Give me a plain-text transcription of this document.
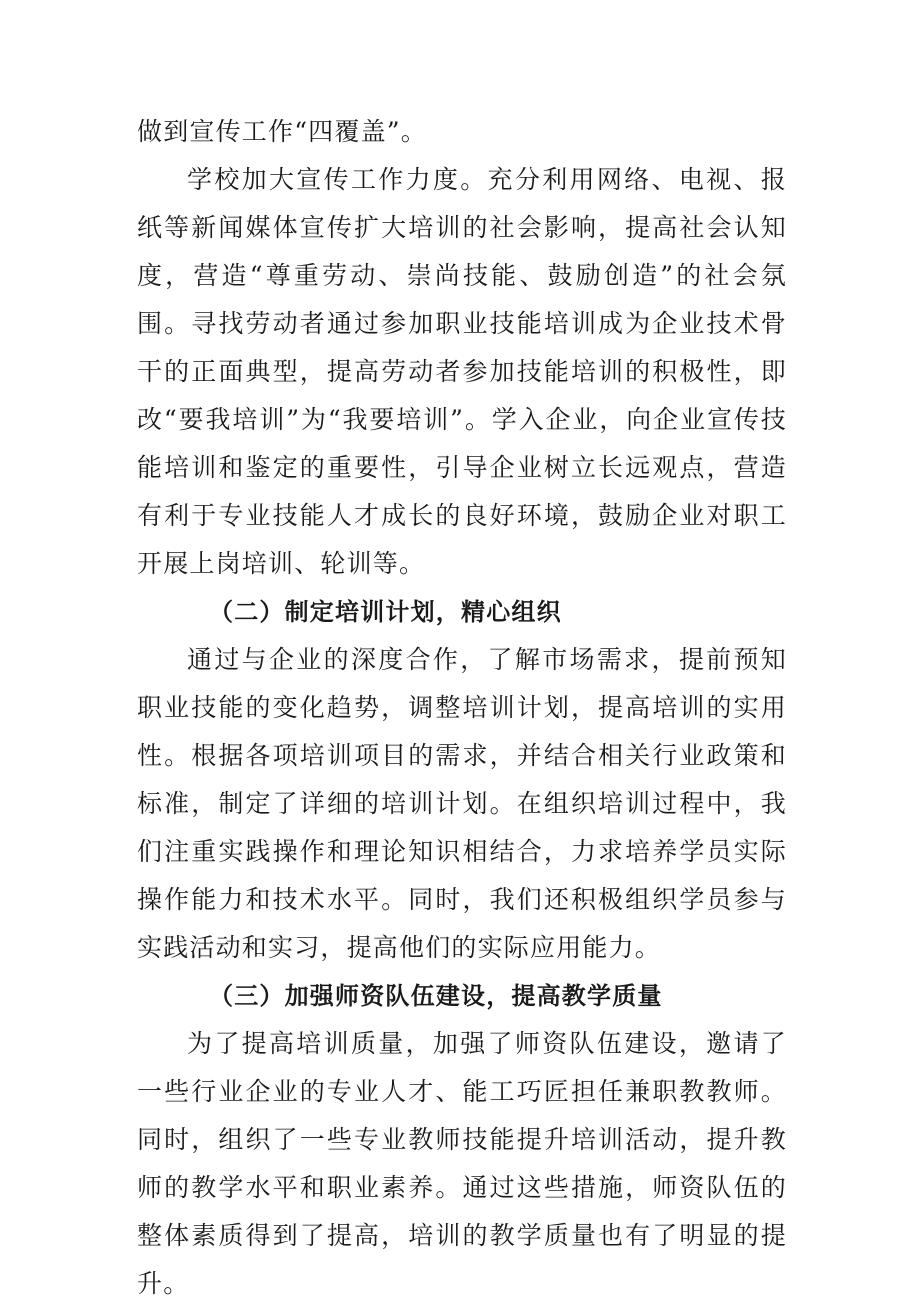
做到宣传工作“四覆盖”。

学校加大宣传工作力度。充分利用网络、电视、报纸等新闻媒体宣传扩大培训的社会影响，提高社会认知度，营造“尊重劳动、崇尚技能、鼓励创造”的社会氛围。寻找劳动者通过参加职业技能培训成为企业技术骨干的正面典型，提高劳动者参加技能培训的积极性，即改“要我培训”为“我要培训”。学入企业，向企业宣传技能培训和鉴定的重要性，引导企业树立长远观点，营造有利于专业技能人才成长的良好环境，鼓励企业对职工开展上岗培训、轮训等。

（二）制定培训计划，精心组织

通过与企业的深度合作，了解市场需求，提前预知职业技能的变化趋势，调整培训计划，提高培训的实用性。根据各项培训项目的需求，并结合相关行业政策和标准，制定了详细的培训计划。在组织培训过程中，我们注重实践操作和理论知识相结合，力求培养学员实际操作能力和技术水平。同时，我们还积极组织学员参与实践活动和实习，提高他们的实际应用能力。

（三）加强师资队伍建设，提高教学质量

为了提高培训质量，加强了师资队伍建设，邀请了一些行业企业的专业人才、能工巧匠担任兼职教教师。同时，组织了一些专业教师技能提升培训活动，提升教师的教学水平和职业素养。通过这些措施，师资队伍的整体素质得到了提高，培训的教学质量也有了明显的提升。
